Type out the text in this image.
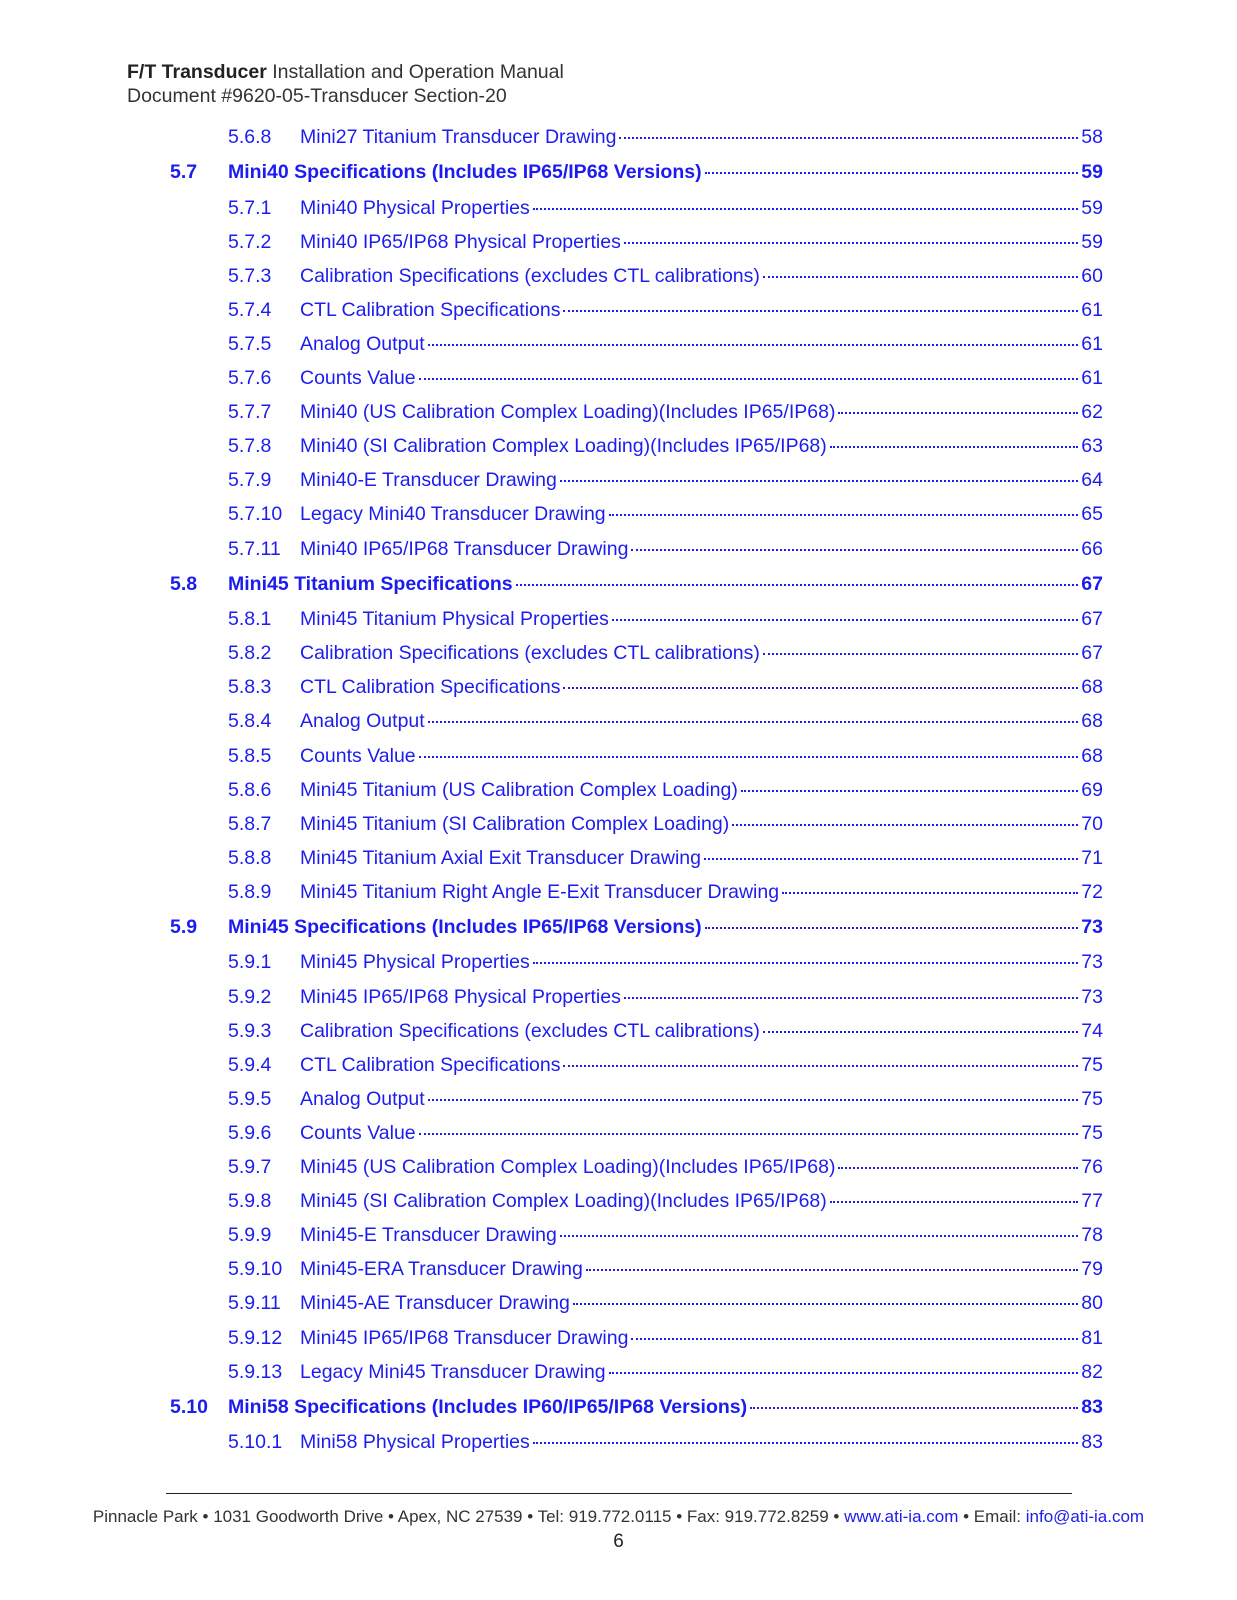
F/T Transducer Installation and Operation Manual
Document #9620-05-Transducer Section-20
5.6.8 Mini27 Titanium Transducer Drawing	58
5.7 Mini40 Specifications (Includes IP65/IP68 Versions)	59
5.7.1 Mini40 Physical Properties	59
5.7.2 Mini40 IP65/IP68 Physical Properties	59
5.7.3 Calibration Specifications (excludes CTL calibrations)	60
5.7.4 CTL Calibration Specifications	61
5.7.5 Analog Output	61
5.7.6 Counts Value	61
5.7.7 Mini40 (US Calibration Complex Loading)(Includes IP65/IP68)	62
5.7.8 Mini40 (SI Calibration Complex Loading)(Includes IP65/IP68)	63
5.7.9 Mini40-E Transducer Drawing	64
5.7.10 Legacy Mini40 Transducer Drawing	65
5.7.11 Mini40 IP65/IP68 Transducer Drawing	66
5.8 Mini45 Titanium Specifications	67
5.8.1 Mini45 Titanium Physical Properties	67
5.8.2 Calibration Specifications (excludes CTL calibrations)	67
5.8.3 CTL Calibration Specifications	68
5.8.4 Analog Output	68
5.8.5 Counts Value	68
5.8.6 Mini45 Titanium (US Calibration Complex Loading)	69
5.8.7 Mini45 Titanium (SI Calibration Complex Loading)	70
5.8.8 Mini45 Titanium Axial Exit Transducer Drawing	71
5.8.9 Mini45 Titanium Right Angle E-Exit Transducer Drawing	72
5.9 Mini45 Specifications (Includes IP65/IP68 Versions)	73
5.9.1 Mini45 Physical Properties	73
5.9.2 Mini45 IP65/IP68 Physical Properties	73
5.9.3 Calibration Specifications (excludes CTL calibrations)	74
5.9.4 CTL Calibration Specifications	75
5.9.5 Analog Output	75
5.9.6 Counts Value	75
5.9.7 Mini45 (US Calibration Complex Loading)(Includes IP65/IP68)	76
5.9.8 Mini45 (SI Calibration Complex Loading)(Includes IP65/IP68)	77
5.9.9 Mini45-E Transducer Drawing	78
5.9.10 Mini45-ERA Transducer Drawing	79
5.9.11 Mini45-AE Transducer Drawing	80
5.9.12 Mini45 IP65/IP68 Transducer Drawing	81
5.9.13 Legacy Mini45 Transducer Drawing	82
5.10 Mini58 Specifications (Includes IP60/IP65/IP68 Versions)	83
5.10.1 Mini58 Physical Properties	83
Pinnacle Park • 1031 Goodworth Drive • Apex, NC 27539 • Tel: 919.772.0115 • Fax: 919.772.8259 • www.ati-ia.com • Email: info@ati-ia.com
6
